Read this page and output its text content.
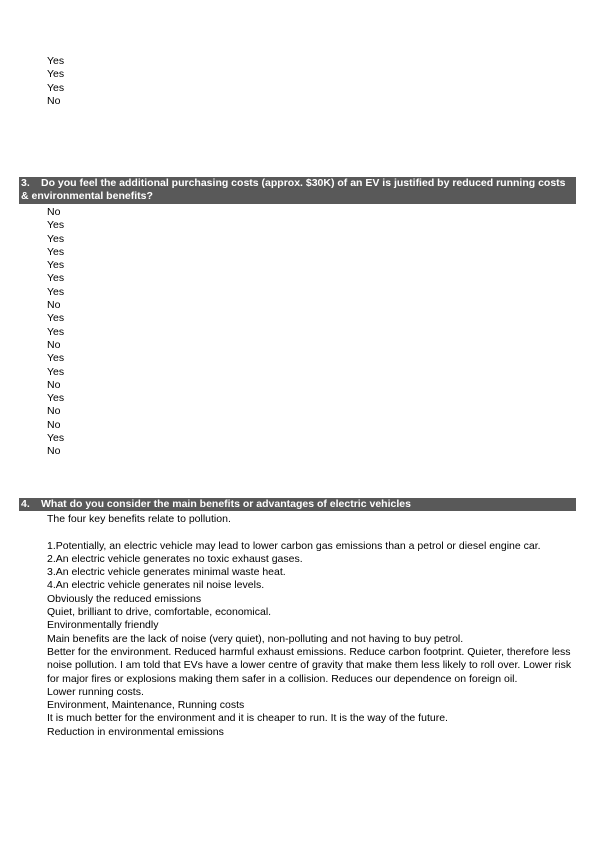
Yes
Yes
Yes
No
3. Do you feel the additional purchasing costs (approx. $30K) of an EV is justified by reduced running costs & environmental benefits?
No
Yes
Yes
Yes
Yes
Yes
Yes
No
Yes
Yes
No
Yes
Yes
No
Yes
No
No
Yes
No
4. What do you consider the main benefits or advantages of electric vehicles
The four key benefits relate to pollution.
1.Potentially, an electric vehicle may lead to lower carbon gas emissions than a petrol or diesel engine car.
2.An electric vehicle generates no toxic exhaust gases.
3.An electric vehicle generates minimal waste heat.
4.An electric vehicle generates nil noise levels.
Obviously the reduced emissions
Quiet, brilliant to drive, comfortable, economical.
Environmentally friendly
Main benefits are the lack of noise (very quiet), non-polluting and not having to buy petrol.
Better for the environment. Reduced harmful exhaust emissions. Reduce carbon footprint. Quieter, therefore less noise pollution. I am told that EVs have a lower centre of gravity that make them less likely to roll over. Lower risk for major fires or explosions making them safer in a collision. Reduces our dependence on foreign oil.
Lower running costs.
Environment, Maintenance, Running costs
It is much better for the environment and it is cheaper to run. It is the way of the future.
Reduction in environmental emissions
